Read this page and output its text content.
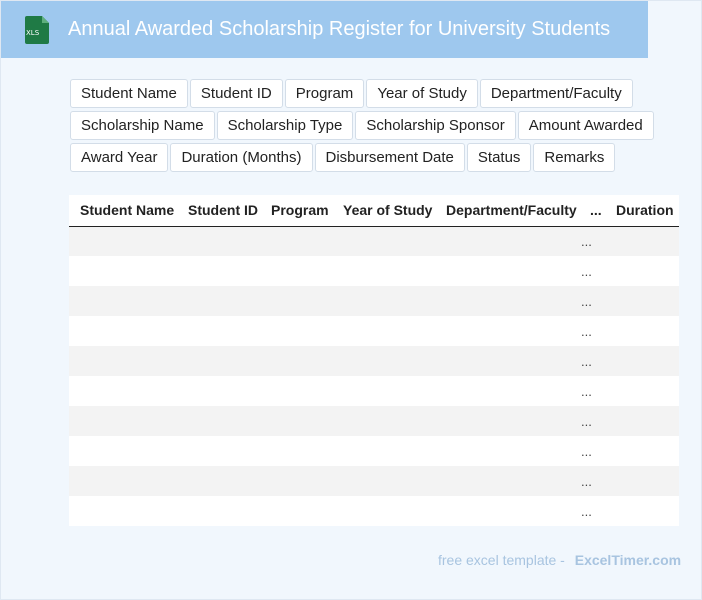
XLS Annual Awarded Scholarship Register for University Students
Student Name	Student ID	Program	Year of Study	Department/Faculty
Scholarship Name	Scholarship Type	Scholarship Sponsor	Amount Awarded
Award Year	Duration (Months)	Disbursement Date	Status	Remarks
Student Name	Student ID	Program	Year of Study	Department/Faculty	...	Duration
					...	
					...	
					...	
					...	
					...	
					...	
					...	
					...	
					...	
					...	
free excel template - ExcelTimer.com
